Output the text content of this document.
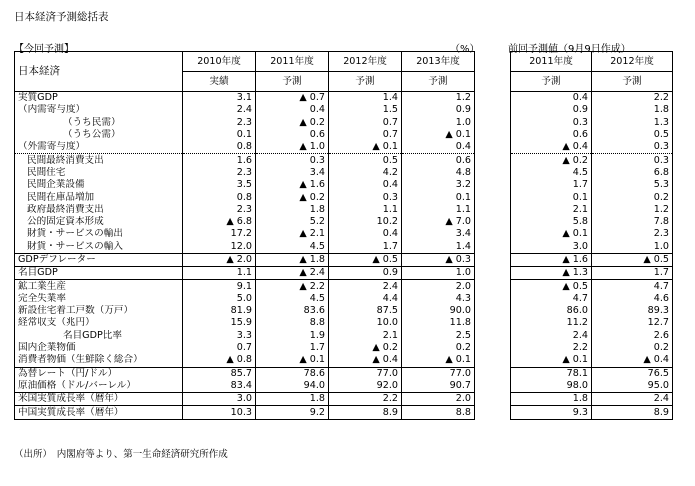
日本経済予測総括表
【今回予測】	（%）	前回予測値（9月9日作成）
日本経済	2010年度	2011年度	2012年度	2013年度
	実績	予測	予測	予測
実質GDP	3.1	▲ 0.7	1.4	1.2
（内需寄与度）	2.4	0.4	1.5	0.9
（うち民需）	2.3	▲ 0.2	0.7	1.0
（うち公需）	0.1	0.6	0.7	▲ 0.1
（外需寄与度）	0.8	▲ 1.0	▲ 0.1	0.4
民間最終消費支出	1.6	0.3	0.5	0.6
民間住宅	2.3	3.4	4.2	4.8
民間企業設備	3.5	▲ 1.6	0.4	3.2
民間在庫品増加	0.8	▲ 0.2	0.3	0.1
政府最終消費支出	2.3	1.8	1.1	1.1
公的固定資本形成	▲ 6.8	5.2	10.2	▲ 7.0
財貨・サービスの輸出	17.2	▲ 2.1	0.4	3.4
財貨・サービスの輸入	12.0	4.5	1.7	1.4
GDPデフレーター	▲ 2.0	▲ 1.8	▲ 0.5	▲ 0.3
名目GDP	1.1	▲ 2.4	0.9	1.0
鉱工業生産	9.1	▲ 2.2	2.4	2.0
完全失業率	5.0	4.5	4.4	4.3
新設住宅着工戸数（万戸）	81.9	83.6	87.5	90.0
経常収支（兆円）	15.9	8.8	10.0	11.8
名目GDP比率	3.3	1.9	2.1	2.5
国内企業物価	0.7	1.7	▲ 0.2	0.2
消費者物価（生鮮除く総合）	▲ 0.8	▲ 0.1	▲ 0.4	▲ 0.1
為替レート（円/ドル）	85.7	78.6	77.0	77.0
原油価格（ドル/バーレル）	83.4	94.0	92.0	90.7
米国実質成長率（暦年）	3.0	1.8	2.2	2.0
中国実質成長率（暦年）	10.3	9.2	8.9	8.8
2011年度	2012年度
予測	予測
0.4	2.2
0.9	1.8
0.3	1.3
0.6	0.5
▲ 0.4	0.3
▲ 0.2	0.3
4.5	6.8
1.7	5.3
0.1	0.2
2.1	1.2
5.8	7.8
▲ 0.1	2.3
3.0	1.0
▲ 1.6	▲ 0.5
▲ 1.3	1.7
▲ 0.5	4.7
4.7	4.6
86.0	89.3
11.2	12.7
2.4	2.6
2.2	0.2
▲ 0.1	▲ 0.4
78.1	76.5
98.0	95.0
1.8	2.4
9.3	8.9
（出所）　内閣府等より、第一生命経済研究所作成
